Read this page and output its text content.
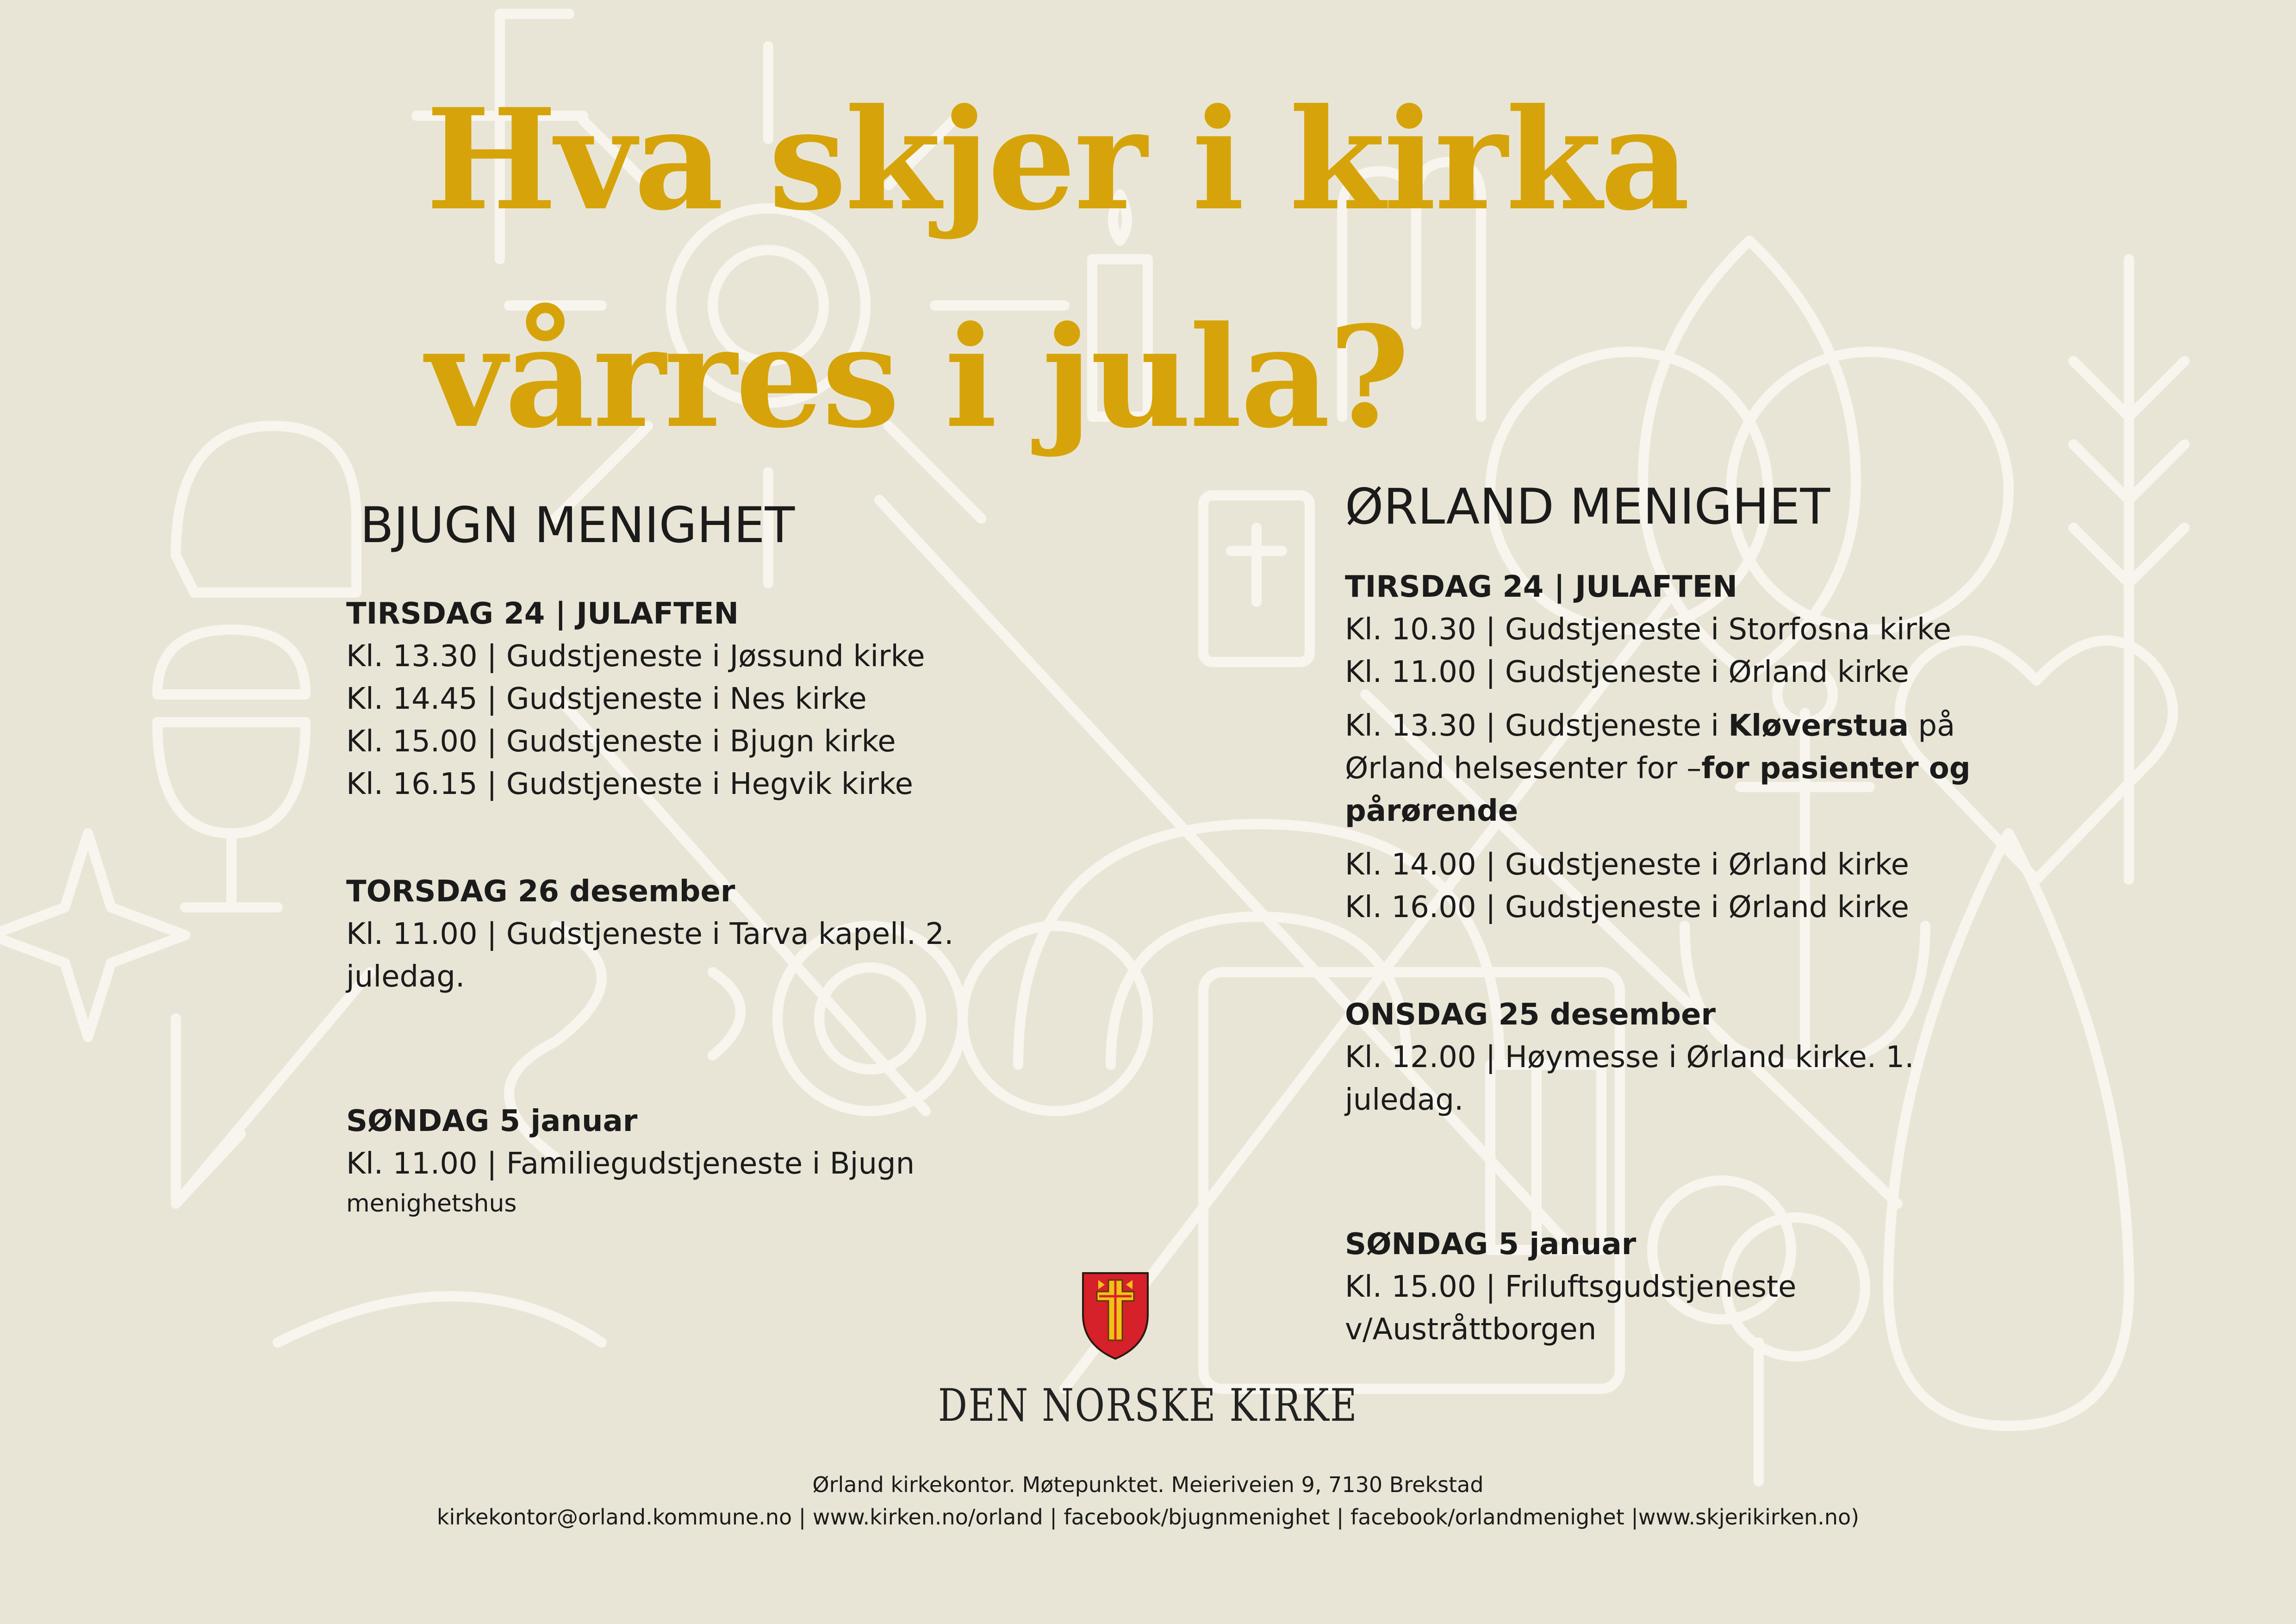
Hva skjer i kirka
vårres i jula?
BJUGN MENIGHET
TIRSDAG 24 | JULAFTEN
Kl. 13.30 | Gudstjeneste i Jøssund kirke
Kl. 14.45 | Gudstjeneste i Nes kirke
Kl. 15.00 | Gudstjeneste i Bjugn kirke
Kl. 16.15 | Gudstjeneste i Hegvik kirke
TORSDAG 26 desember
Kl. 11.00 | Gudstjeneste i Tarva kapell. 2.
juledag.
SØNDAG 5 januar
Kl. 11.00 | Familiegudstjeneste i Bjugn
menighetshus
ØRLAND MENIGHET
TIRSDAG 24 | JULAFTEN
Kl. 10.30 | Gudstjeneste i Storfosna kirke
Kl. 11.00 | Gudstjeneste i Ørland kirke
Kl. 13.30 | Gudstjeneste i Kløverstua på
Ørland helsesenter for –for pasienter og
pårørende
Kl. 14.00 | Gudstjeneste i Ørland kirke
Kl. 16.00 | Gudstjeneste i Ørland kirke
ONSDAG 25 desember
Kl. 12.00 | Høymesse i Ørland kirke. 1.
juledag.
SØNDAG 5 januar
Kl. 15.00 | Friluftsgudstjeneste
v/Austråttborgen
DEN NORSKE KIRKE
Ørland kirkekontor. Møtepunktet. Meieriveien 9, 7130 Brekstad
kirkekontor@orland.kommune.no | www.kirken.no/orland | facebook/bjugnmenighet | facebook/orlandmenighet |www.skjerikirken.no)
